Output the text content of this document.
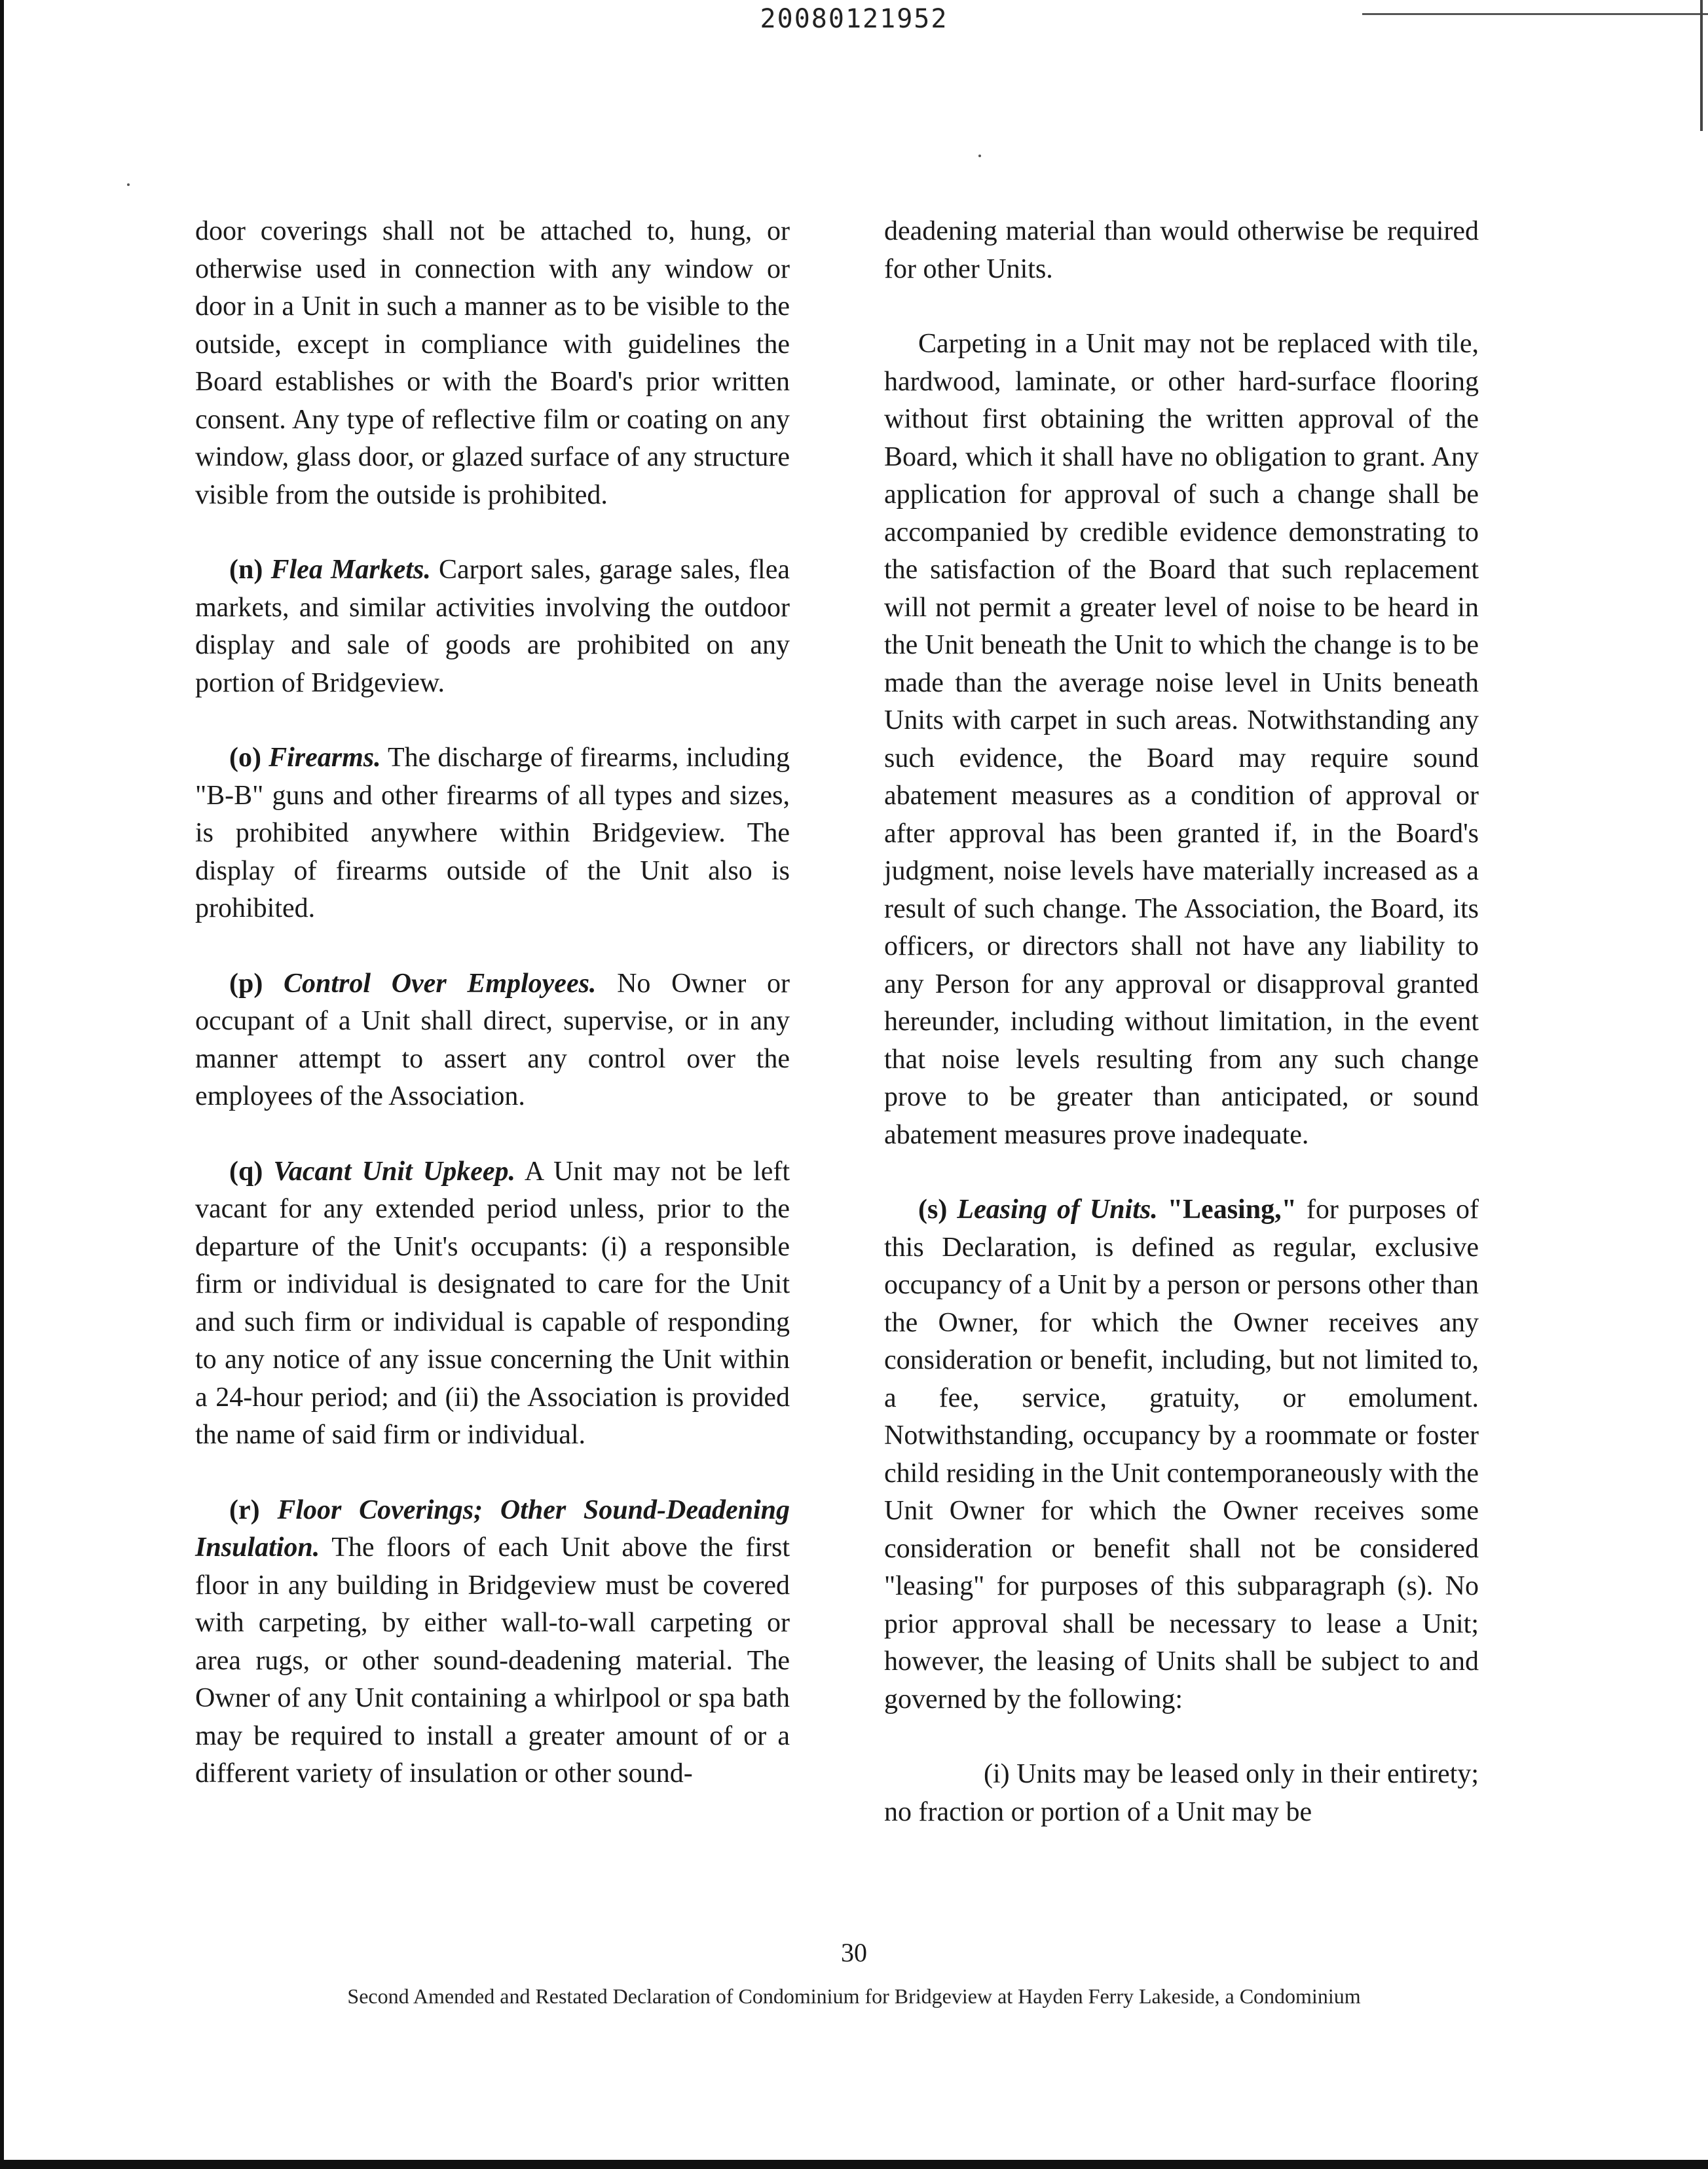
20080121952

door coverings shall not be attached to, hung, or otherwise used in connection with any window or door in a Unit in such a manner as to be visible to the outside, except in compliance with guidelines the Board establishes or with the Board's prior written consent. Any type of reflective film or coating on any window, glass door, or glazed surface of any structure visible from the outside is prohibited.

(n) Flea Markets. Carport sales, garage sales, flea markets, and similar activities involving the outdoor display and sale of goods are prohibited on any portion of Bridgeview.

(o) Firearms. The discharge of firearms, including "B-B" guns and other firearms of all types and sizes, is prohibited anywhere within Bridgeview. The display of firearms outside of the Unit also is prohibited.

(p) Control Over Employees. No Owner or occupant of a Unit shall direct, supervise, or in any manner attempt to assert any control over the employees of the Association.

(q) Vacant Unit Upkeep. A Unit may not be left vacant for any extended period unless, prior to the departure of the Unit's occupants: (i) a responsible firm or individual is designated to care for the Unit and such firm or individual is capable of responding to any notice of any issue concerning the Unit within a 24-hour period; and (ii) the Association is provided the name of said firm or individual.

(r) Floor Coverings; Other Sound-Deadening Insulation. The floors of each Unit above the first floor in any building in Bridgeview must be covered with carpeting, by either wall-to-wall carpeting or area rugs, or other sound-deadening material. The Owner of any Unit containing a whirlpool or spa bath may be required to install a greater amount of or a different variety of insulation or other sound-

deadening material than would otherwise be required for other Units.

Carpeting in a Unit may not be replaced with tile, hardwood, laminate, or other hard-surface flooring without first obtaining the written approval of the Board, which it shall have no obligation to grant. Any application for approval of such a change shall be accompanied by credible evidence demonstrating to the satisfaction of the Board that such replacement will not permit a greater level of noise to be heard in the Unit beneath the Unit to which the change is to be made than the average noise level in Units beneath Units with carpet in such areas. Notwithstanding any such evidence, the Board may require sound abatement measures as a condition of approval or after approval has been granted if, in the Board's judgment, noise levels have materially increased as a result of such change. The Association, the Board, its officers, or directors shall not have any liability to any Person for any approval or disapproval granted hereunder, including without limitation, in the event that noise levels resulting from any such change prove to be greater than anticipated, or sound abatement measures prove inadequate.

(s) Leasing of Units. "Leasing," for purposes of this Declaration, is defined as regular, exclusive occupancy of a Unit by a person or persons other than the Owner, for which the Owner receives any consideration or benefit, including, but not limited to, a fee, service, gratuity, or emolument. Notwithstanding, occupancy by a roommate or foster child residing in the Unit contemporaneously with the Unit Owner for which the Owner receives some consideration or benefit shall not be considered "leasing" for purposes of this subparagraph (s). No prior approval shall be necessary to lease a Unit; however, the leasing of Units shall be subject to and governed by the following:

(i) Units may be leased only in their entirety; no fraction or portion of a Unit may be

30
Second Amended and Restated Declaration of Condominium for Bridgeview at Hayden Ferry Lakeside, a Condominium
